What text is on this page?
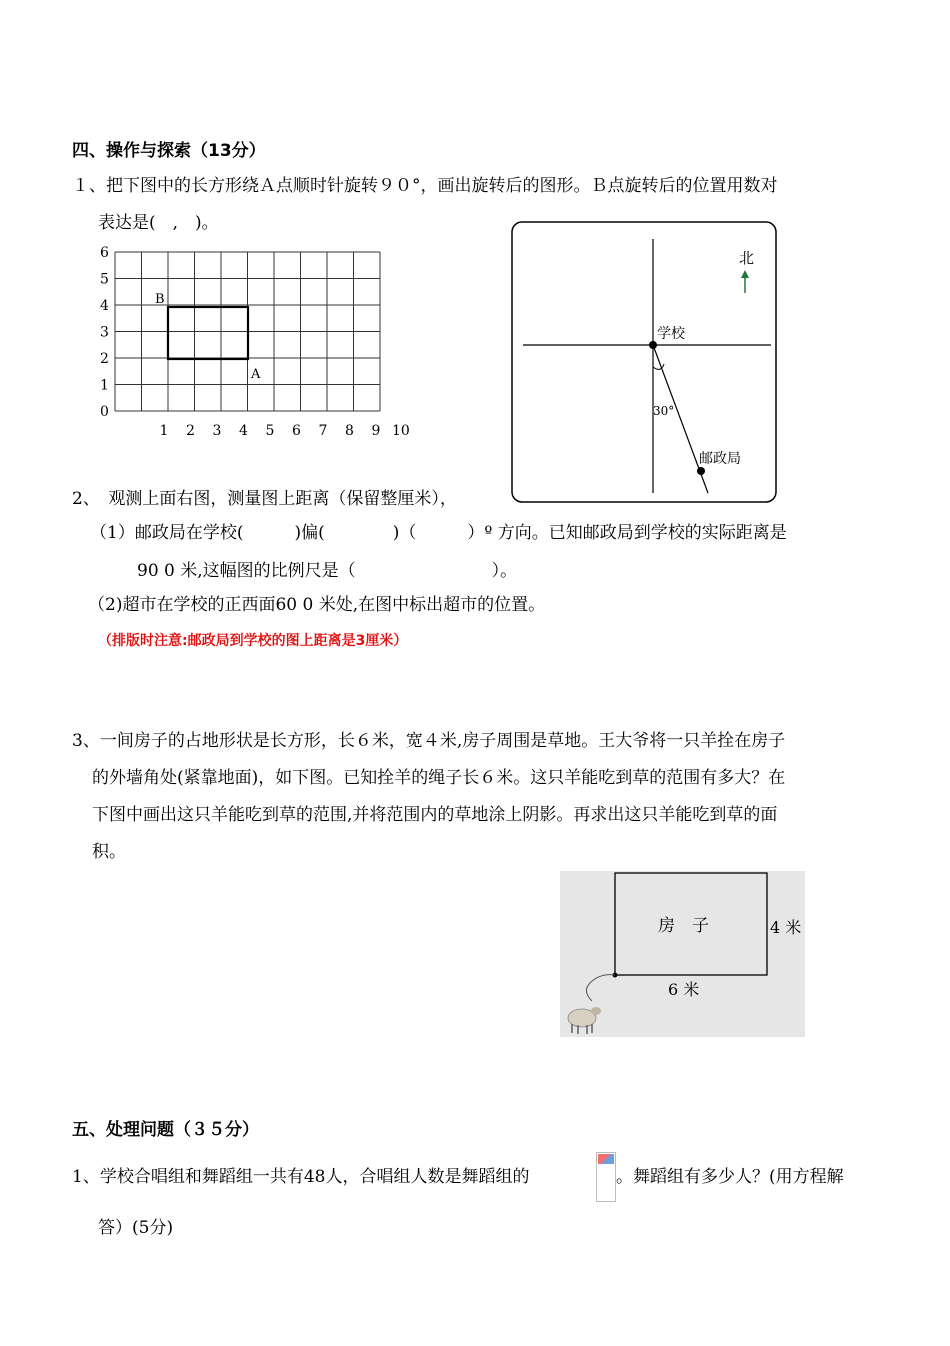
四、操作与探索（13分）
１、把下图中的长方形绕Ａ点顺时针旋转９０°，画出旋转后的图形。Ｂ点旋转后的位置用数对
表达是(　,　)。
6
5
4
3
2
1
0
1 2 3 4 5 6 7 8 9 10
B
A
北
学校
30°
邮政局
2、　观测上面右图，测量图上距离（保留整厘米），
（1）邮政局在学校(　　　)偏(　　　　)（　　　）º 方向。已知邮政局到学校的实际距离是
90 0 米,这幅图的比例尺是（　　　　　　　　）。
（2)超市在学校的正西面60 0 米处,在图中标出超市的位置。
（排版时注意:邮政局到学校的图上距离是3厘米）
3、一间房子的占地形状是长方形，长６米，宽４米,房子周围是草地。王大爷将一只羊拴在房子
的外墙角处(紧靠地面)，如下图。已知拴羊的绳子长６米。这只羊能吃到草的范围有多大？在
下图中画出这只羊能吃到草的范围,并将范围内的草地涂上阴影。再求出这只羊能吃到草的面
积。
房　子	4 米
6 米
五、处理问题（３５分）
1、学校合唱组和舞蹈组一共有48人，合唱组人数是舞蹈组的	。舞蹈组有多少人？(用方程解
答）(5分)
